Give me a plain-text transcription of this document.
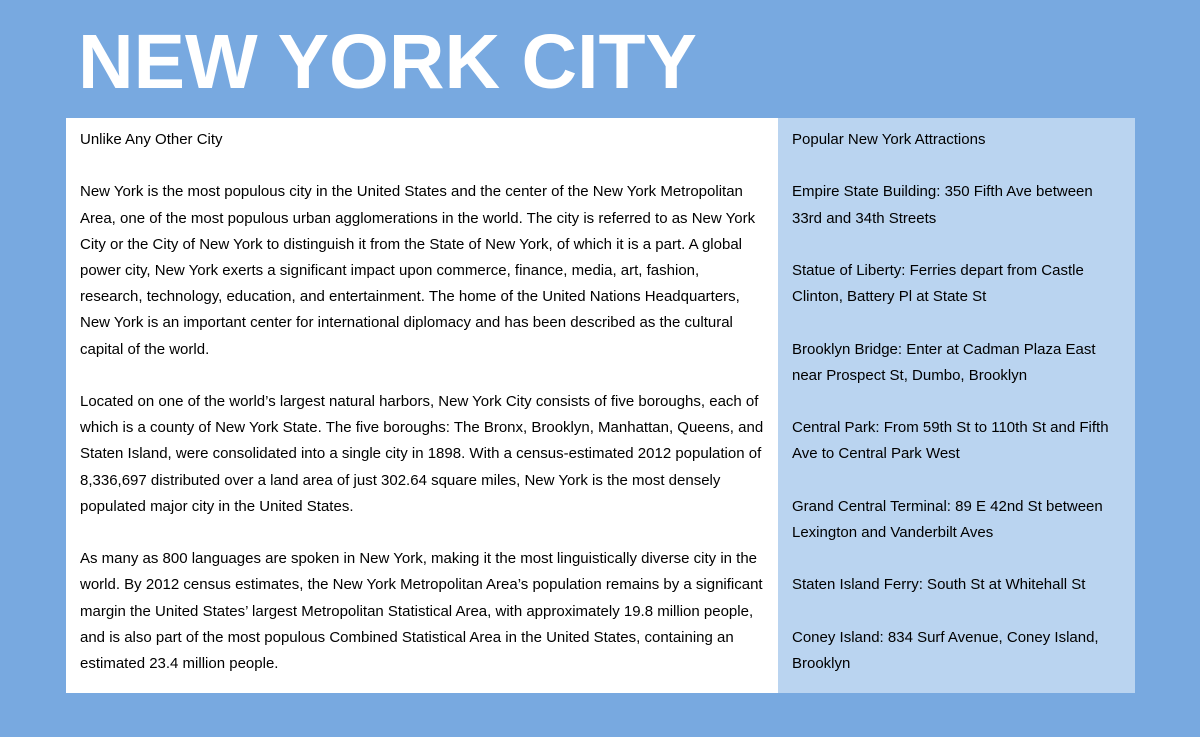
NEW YORK CITY

Unlike Any Other City

New York is the most populous city in the United States and the center of the New York Metropolitan Area, one of the most populous urban agglomerations in the world. The city is referred to as New York City or the City of New York to distinguish it from the State of New York, of which it is a part. A global power city, New York exerts a significant impact upon commerce, finance, media, art, fashion, research, technology, education, and entertainment. The home of the United Nations Headquarters, New York is an important center for international diplomacy and has been described as the cultural capital of the world.

Located on one of the world’s largest natural harbors, New York City consists of five boroughs, each of which is a county of New York State. The five boroughs: The Bronx, Brooklyn, Manhattan, Queens, and Staten Island, were consolidated into a single city in 1898. With a census-estimated 2012 population of 8,336,697 distributed over a land area of just 302.64 square miles, New York is the most densely populated major city in the United States.

As many as 800 languages are spoken in New York, making it the most linguistically diverse city in the world. By 2012 census estimates, the New York Metropolitan Area’s population remains by a significant margin the United States’ largest Metropolitan Statistical Area, with approximately 19.8 million people, and is also part of the most populous Combined Statistical Area in the United States, containing an estimated 23.4 million people.

Popular New York Attractions

Empire State Building: 350 Fifth Ave between 33rd and 34th Streets

Statue of Liberty: Ferries depart from Castle Clinton, Battery Pl at State St

Brooklyn Bridge: Enter at Cadman Plaza East near Prospect St, Dumbo, Brooklyn

Central Park: From 59th St to 110th St and Fifth Ave to Central Park West

Grand Central Terminal: 89 E 42nd St between Lexington and Vanderbilt Aves

Staten Island Ferry: South St at Whitehall St

Coney Island: 834 Surf Avenue, Coney Island, Brooklyn
